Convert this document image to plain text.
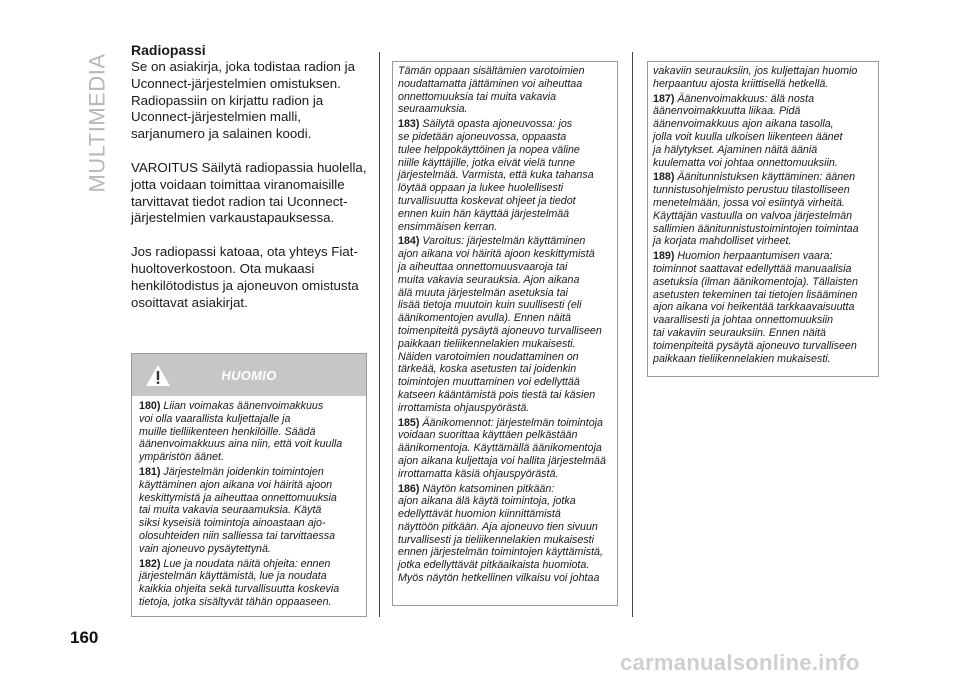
MULTIMEDIA
Radiopassi

Se on asiakirja, joka todistaa radion ja Uconnect-järjestelmien omistuksen. Radiopassiin on kirjattu radion ja Uconnect-järjestelmien malli, sarjanumero ja salainen koodi.

VAROITUS Säilytä radiopassia huolella, jotta voidaan toimittaa viranomaisille tarvittavat tiedot radion tai Uconnect-järjestelmien varkaustapauksessa.

Jos radiopassi katoaa, ota yhteys Fiat-huoltoverkostoon. Ota mukaasi henkilötodistus ja ajoneuvon omistusta osoittavat asiakirjat.

HUOMIO
180) Liian voimakas äänenvoimakkuus
voi olla vaarallista kuljettajalle ja
muille tielliikenteen henkilöille. Säädä
äänenvoimakkuus aina niin, että voit kuulla
ympäristön äänet.
181) Järjestelmän joidenkin toimintojen
käyttäminen ajon aikana voi häiritä ajoon
keskittymistä ja aiheuttaa onnettomuuksia
tai muita vakavia seuraamuksia. Käytä
siksi kyseisiä toimintoja ainoastaan ajo-
olosuhteiden niin salliessa tai tarvittaessa
vain ajoneuvo pysäytettynä.
182) Lue ja noudata näitä ohjeita: ennen
järjestelmän käyttämistä, lue ja noudata
kaikkia ohjeita sekä turvallisuutta koskevia
tietoja, jotka sisältyvät tähän oppaaseen.
Tämän oppaan sisältämien varotoimien
noudattamatta jättäminen voi aiheuttaa
onnettomuuksia tai muita vakavia
seuraamuksia.
183) Säilytä opasta ajoneuvossa: jos
se pidetään ajoneuvossa, oppaasta
tulee helppokäyttöinen ja nopea väline
niille käyttäjille, jotka eivät vielä tunne
järjestelmää. Varmista, että kuka tahansa
löytää oppaan ja lukee huolellisesti
turvallisuutta koskevat ohjeet ja tiedot
ennen kuin hän käyttää järjestelmää
ensimmäisen kerran.
184) Varoitus: järjestelmän käyttäminen
ajon aikana voi häiritä ajoon keskittymistä
ja aiheuttaa onnettomuusvaaroja tai
muita vakavia seurauksia. Ajon aikana
älä muuta järjestelmän asetuksia tai
lisää tietoja muutoin kuin suullisesti (eli
äänikomentojen avulla). Ennen näitä
toimenpiteitä pysäytä ajoneuvo turvalliseen
paikkaan tieliikennelakien mukaisesti.
Näiden varotoimien noudattaminen on
tärkeää, koska asetusten tai joidenkin
toimintojen muuttaminen voi edellyttää
katseen kääntämistä pois tiestä tai käsien
irrottamista ohjauspyörästä.
185) Äänikomennot: järjestelmän toimintoja
voidaan suorittaa käyttäen pelkästään
äänikomentoja. Käyttämällä äänikomentoja
ajon aikana kuljettaja voi hallita järjestelmää
irrottamatta käsiä ohjauspyörästä.
186) Näytön katsominen pitkään:
ajon aikana älä käytä toimintoja, jotka
edellyttävät huomion kiinnittämistä
näyttöön pitkään. Aja ajoneuvo tien sivuun
turvallisesti ja tieliikennelakien mukaisesti
ennen järjestelmän toimintojen käyttämistä,
jotka edellyttävät pitkäaikaista huomiota.
Myös näytön hetkellinen vilkaisu voi johtaa
vakaviin seurauksiin, jos kuljettajan huomio
herpaantuu ajosta kriittisellä hetkellä.
187) Äänenvoimakkuus: älä nosta
äänenvoimakkuutta liikaa. Pidä
äänenvoimakkuus ajon aikana tasolla,
jolla voit kuulla ulkoisen liikenteen äänet
ja hälytykset. Ajaminen näitä ääniä
kuulematta voi johtaa onnettomuuksiin.
188) Äänitunnistuksen käyttäminen: äänen
tunnistusohjelmisto perustuu tilastolliseen
menetelmään, jossa voi esiintyä virheitä.
Käyttäjän vastuulla on valvoa järjestelmän
sallimien äänitunnistustoimintojen toimintaa
ja korjata mahdolliset virheet.
189) Huomion herpaantumisen vaara:
toiminnot saattavat edellyttää manuaalisia
asetuksia (ilman äänikomentoja). Tällaisten
asetusten tekeminen tai tietojen lisääminen
ajon aikana voi heikentää tarkkaavaisuutta
vaarallisesti ja johtaa onnettomuuksiin
tai vakaviin seurauksiin. Ennen näitä
toimenpiteitä pysäytä ajoneuvo turvalliseen
paikkaan tieliikennelakien mukaisesti.
160
carmanualsonline.info
